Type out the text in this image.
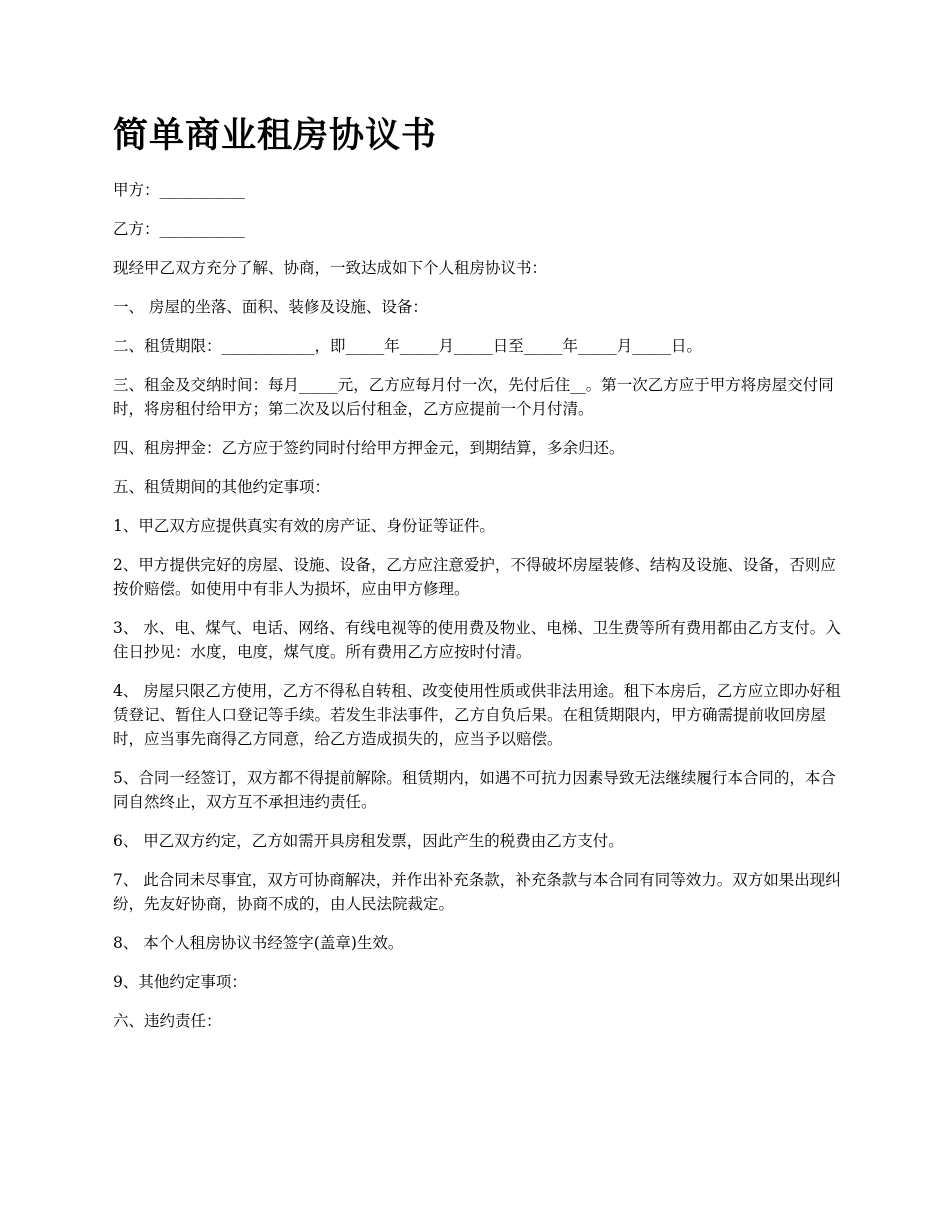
简单商业租房协议书

甲方：___________

乙方：___________

现经甲乙双方充分了解、协商，一致达成如下个人租房协议书：

一、 房屋的坐落、面积、装修及设施、设备：

二、租赁期限：____________，即_____年_____月_____日至_____年_____月_____日。

三、租金及交纳时间：每月_____元，乙方应每月付一次，先付后住__。第一次乙方应于甲方将房屋交付同时，将房租付给甲方；第二次及以后付租金，乙方应提前一个月付清。

四、租房押金：乙方应于签约同时付给甲方押金元，到期结算，多余归还。

五、租赁期间的其他约定事项：

1、甲乙双方应提供真实有效的房产证、身份证等证件。

2、甲方提供完好的房屋、设施、设备，乙方应注意爱护，不得破坏房屋装修、结构及设施、设备，否则应按价赔偿。如使用中有非人为损坏，应由甲方修理。

3、 水、电、煤气、电话、网络、有线电视等的使用费及物业、电梯、卫生费等所有费用都由乙方支付。入住日抄见：水度，电度，煤气度。所有费用乙方应按时付清。

4、 房屋只限乙方使用，乙方不得私自转租、改变使用性质或供非法用途。租下本房后，乙方应立即办好租赁登记、暂住人口登记等手续。若发生非法事件，乙方自负后果。在租赁期限内，甲方确需提前收回房屋时，应当事先商得乙方同意，给乙方造成损失的，应当予以赔偿。

5、合同一经签订，双方都不得提前解除。租赁期内，如遇不可抗力因素导致无法继续履行本合同的，本合同自然终止，双方互不承担违约责任。

6、 甲乙双方约定，乙方如需开具房租发票，因此产生的税费由乙方支付。

7、 此合同未尽事宜，双方可协商解决，并作出补充条款，补充条款与本合同有同等效力。双方如果出现纠纷，先友好协商，协商不成的，由人民法院裁定。

8、 本个人租房协议书经签字(盖章)生效。

9、其他约定事项：

六、违约责任：
